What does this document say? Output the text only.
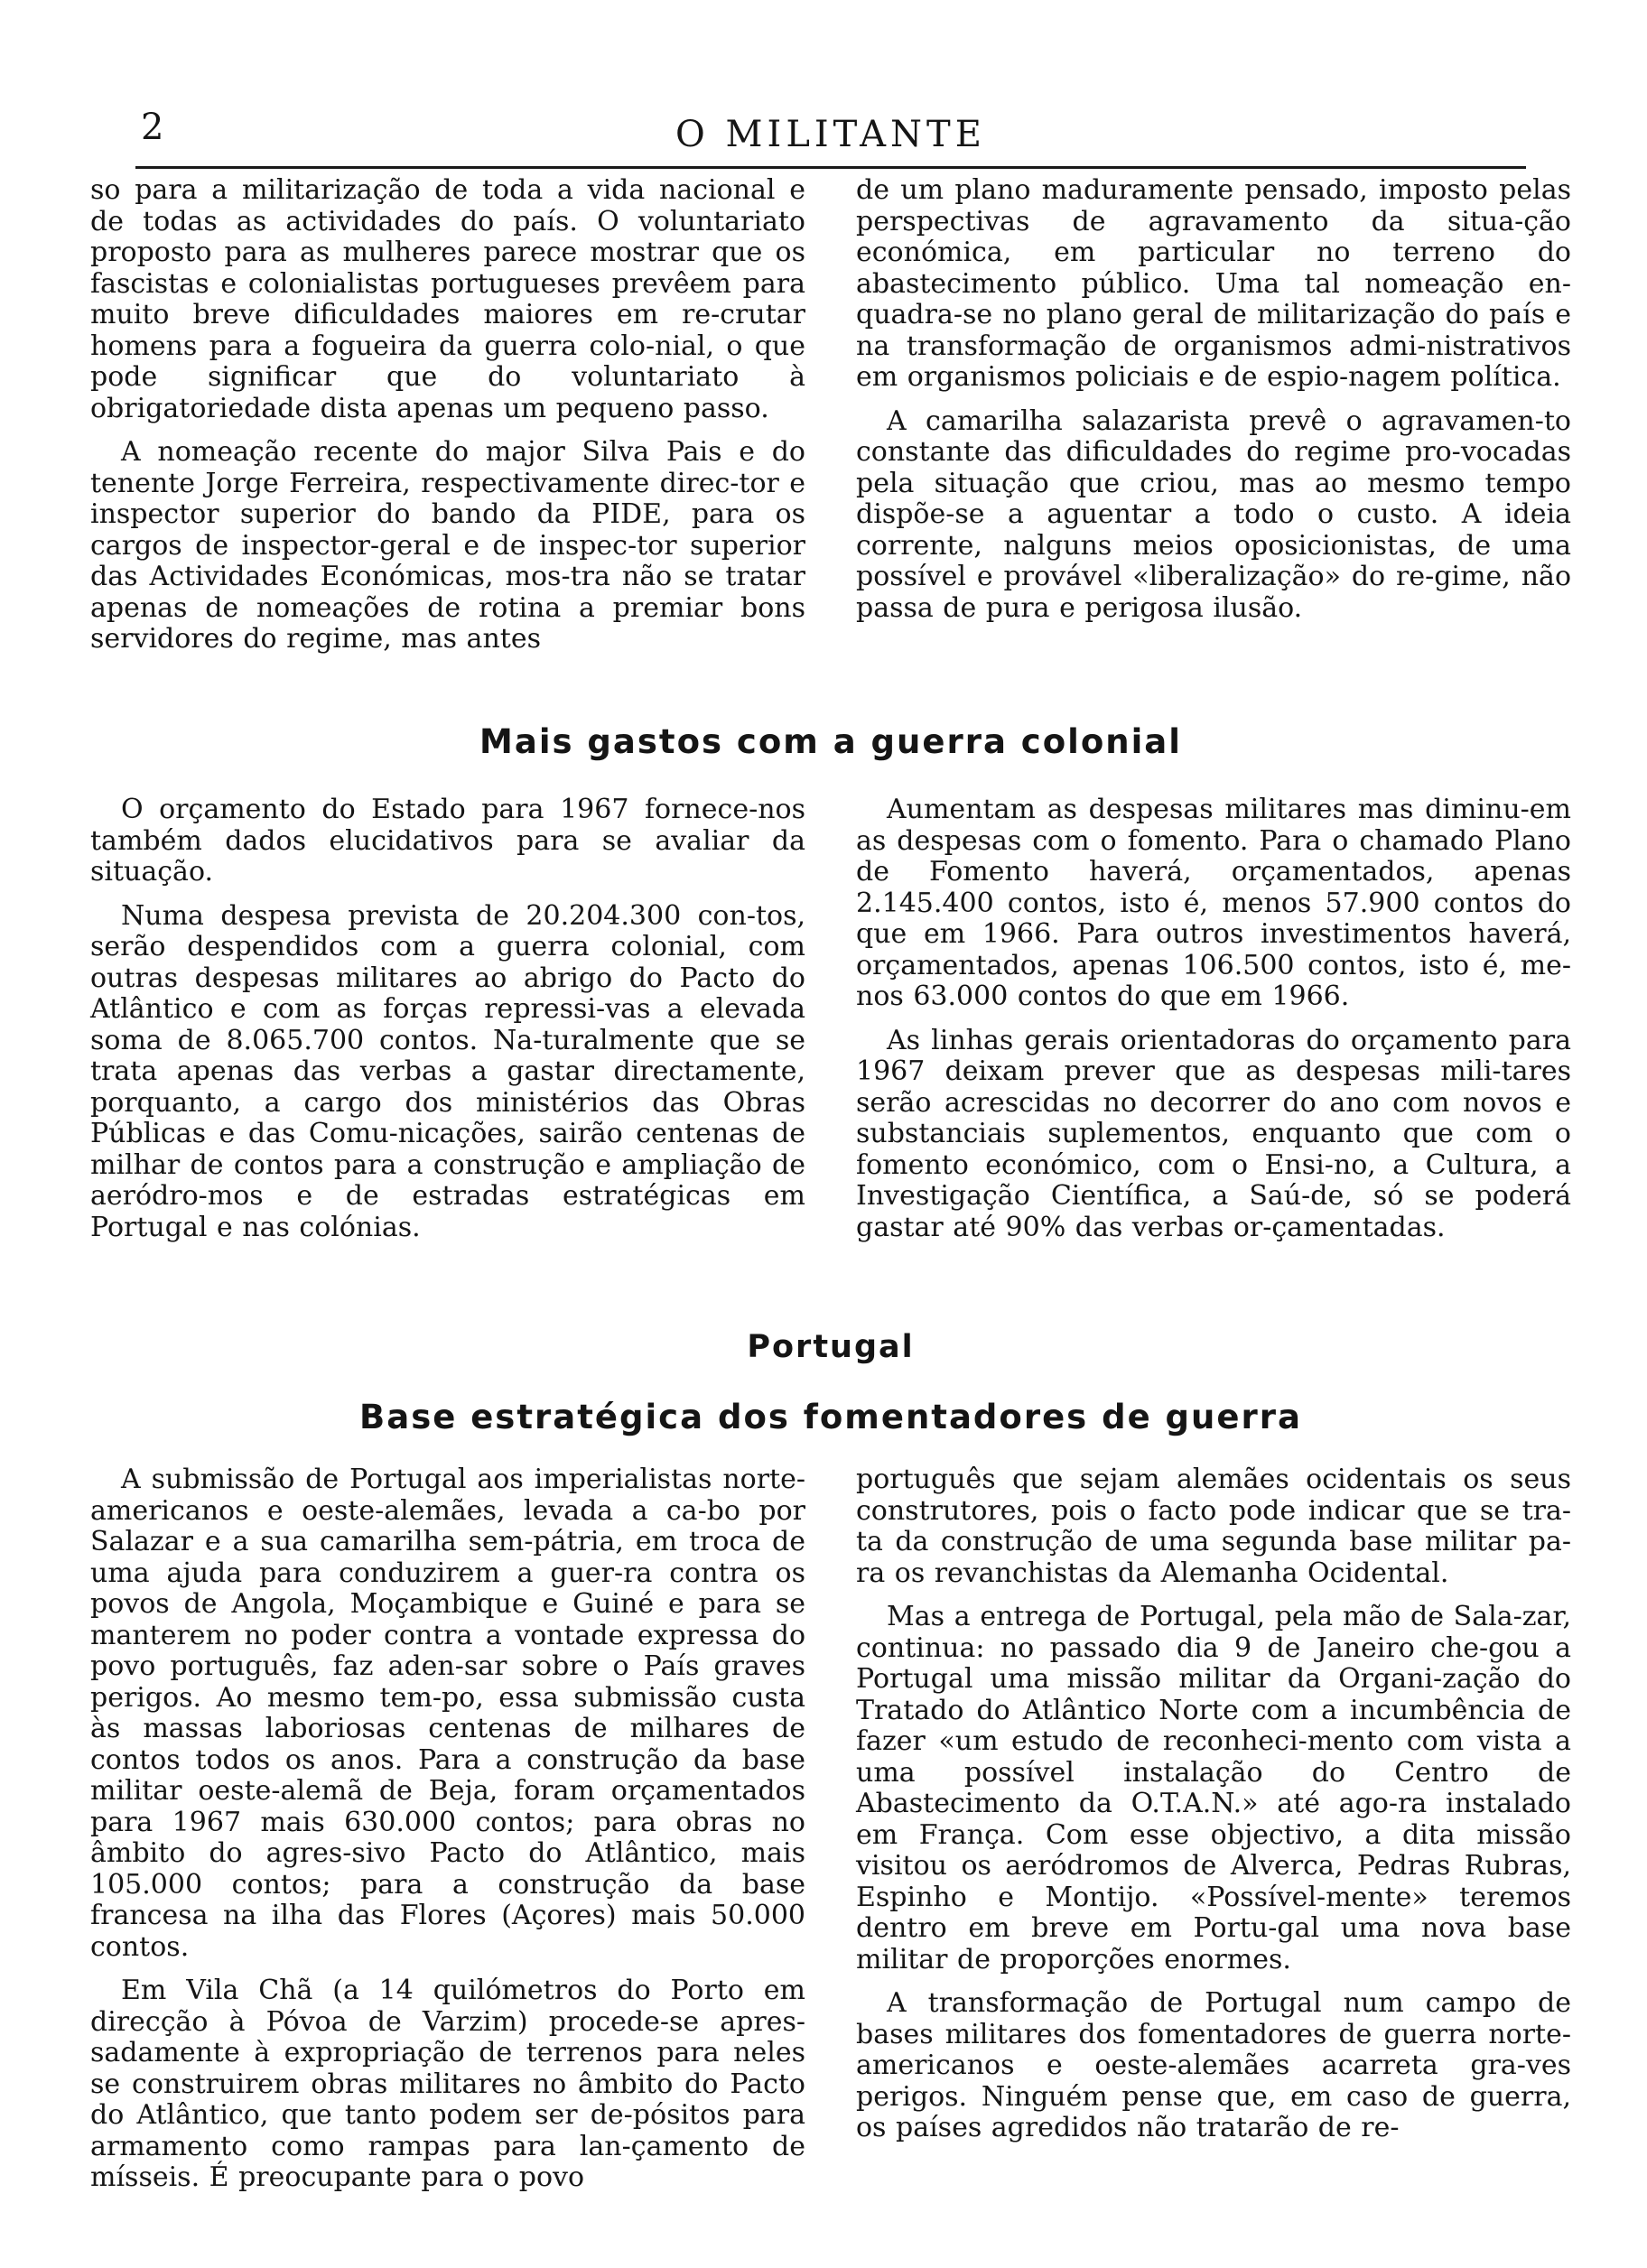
2	O MILITANTE

so para a militarização de toda a vida nacional e de todas as actividades do país. O voluntariato proposto para as mulheres parece mostrar que os fascistas e colonialistas portugueses prevêem para muito breve dificuldades maiores em re-crutar homens para a fogueira da guerra colo-nial, o que pode significar que do voluntariato à obrigatoriedade dista apenas um pequeno passo.

A nomeação recente do major Silva Pais e do tenente Jorge Ferreira, respectivamente direc-tor e inspector superior do bando da PIDE, para os cargos de inspector-geral e de inspec-tor superior das Actividades Económicas, mos-tra não se tratar apenas de nomeações de rotina a premiar bons servidores do regime, mas antes

de um plano maduramente pensado, imposto pelas perspectivas de agravamento da situa-ção económica, em particular no terreno do abastecimento público. Uma tal nomeação en-quadra-se no plano geral de militarização do país e na transformação de organismos admi-nistrativos em organismos policiais e de espio-nagem política.

A camarilha salazarista prevê o agravamen-to constante das dificuldades do regime pro-vocadas pela situação que criou, mas ao mesmo tempo dispõe-se a aguentar a todo o custo. A ideia corrente, nalguns meios oposicionistas, de uma possível e provável «liberalização» do re-gime, não passa de pura e perigosa ilusão.

Mais gastos com a guerra colonial

O orçamento do Estado para 1967 fornece-nos também dados elucidativos para se avaliar da situação.

Numa despesa prevista de 20.204.300 con-tos, serão despendidos com a guerra colonial, com outras despesas militares ao abrigo do Pacto do Atlântico e com as forças repressi-vas a elevada soma de 8.065.700 contos. Na-turalmente que se trata apenas das verbas a gastar directamente, porquanto, a cargo dos ministérios das Obras Públicas e das Comu-nicações, sairão centenas de milhar de contos para a construção e ampliação de aeródro-mos e de estradas estratégicas em Portugal e nas colónias.

Aumentam as despesas militares mas diminu-em as despesas com o fomento. Para o chamado Plano de Fomento haverá, orçamentados, apenas 2.145.400 contos, isto é, menos 57.900 contos do que em 1966. Para outros investimentos haverá, orçamentados, apenas 106.500 contos, isto é, me-nos 63.000 contos do que em 1966.

As linhas gerais orientadoras do orçamento para 1967 deixam prever que as despesas mili-tares serão acrescidas no decorrer do ano com novos e substanciais suplementos, enquanto que com o fomento económico, com o Ensi-no, a Cultura, a Investigação Científica, a Saú-de, só se poderá gastar até 90% das verbas or-çamentadas.

Portugal
Base estratégica dos fomentadores de guerra

A submissão de Portugal aos imperialistas norte-americanos e oeste-alemães, levada a ca-bo por Salazar e a sua camarilha sem-pátria, em troca de uma ajuda para conduzirem a guer-ra contra os povos de Angola, Moçambique e Guiné e para se manterem no poder contra a vontade expressa do povo português, faz aden-sar sobre o País graves perigos. Ao mesmo tem-po, essa submissão custa às massas laboriosas centenas de milhares de contos todos os anos. Para a construção da base militar oeste-alemã de Beja, foram orçamentados para 1967 mais 630.000 contos; para obras no âmbito do agres-sivo Pacto do Atlântico, mais 105.000 contos; para a construção da base francesa na ilha das Flores (Açores) mais 50.000 contos.

Em Vila Chã (a 14 quilómetros do Porto em direcção à Póvoa de Varzim) procede-se apres-sadamente à expropriação de terrenos para neles se construirem obras militares no âmbito do Pacto do Atlântico, que tanto podem ser de-pósitos para armamento como rampas para lan-çamento de mísseis. É preocupante para o povo

português que sejam alemães ocidentais os seus construtores, pois o facto pode indicar que se tra-ta da construção de uma segunda base militar pa-ra os revanchistas da Alemanha Ocidental.

Mas a entrega de Portugal, pela mão de Sala-zar, continua: no passado dia 9 de Janeiro che-gou a Portugal uma missão militar da Organi-zação do Tratado do Atlântico Norte com a incumbência de fazer «um estudo de reconheci-mento com vista a uma possível instalação do Centro de Abastecimento da O.T.A.N.» até ago-ra instalado em França. Com esse objectivo, a dita missão visitou os aeródromos de Alverca, Pedras Rubras, Espinho e Montijo. «Possível-mente» teremos dentro em breve em Portu-gal uma nova base militar de proporções enormes.

A transformação de Portugal num campo de bases militares dos fomentadores de guerra norte-americanos e oeste-alemães acarreta gra-ves perigos. Ninguém pense que, em caso de guerra, os países agredidos não tratarão de re-
